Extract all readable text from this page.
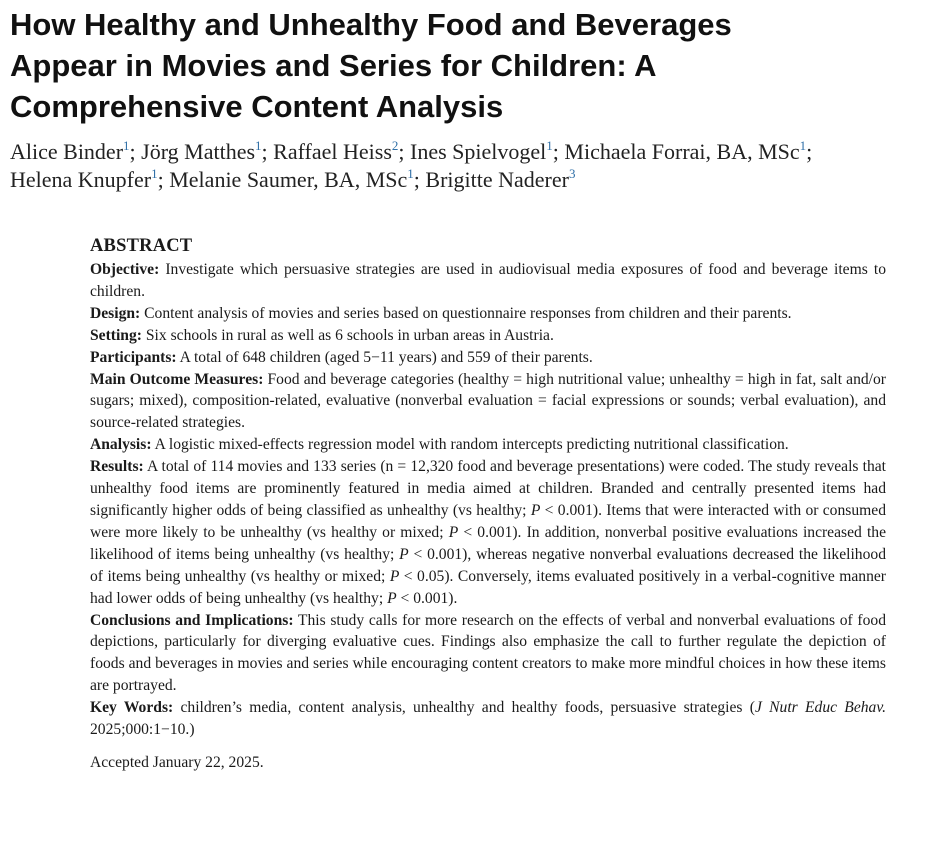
How Healthy and Unhealthy Food and Beverages
Appear in Movies and Series for Children: A
Comprehensive Content Analysis
Alice Binder$^1$; Jörg Matthes$^1$; Raffael Heiss$^2$; Ines Spielvogel$^1$; Michaela Forrai, BA, MSc$^1$;
Helena Knupfer$^1$; Melanie Saumer, BA, MSc$^1$; Brigitte Naderer$^3$
ABSTRACT

Objective: Investigate which persuasive strategies are used in audiovisual media exposures of food and beverage items to children.

Design: Content analysis of movies and series based on questionnaire responses from children and their parents.

Setting: Six schools in rural as well as 6 schools in urban areas in Austria.

Participants: A total of 648 children (aged 5−11 years) and 559 of their parents.

Main Outcome Measures: Food and beverage categories (healthy = high nutritional value; unhealthy = high in fat, salt and/or sugars; mixed), composition-related, evaluative (nonverbal evaluation = facial expressions or sounds; verbal evaluation), and source-related strategies.

Analysis: A logistic mixed-effects regression model with random intercepts predicting nutritional classification.

Results: A total of 114 movies and 133 series (n = 12,320 food and beverage presentations) were coded. The study reveals that unhealthy food items are prominently featured in media aimed at children. Branded and centrally presented items had significantly higher odds of being classified as unhealthy (vs healthy; P < 0.001). Items that were interacted with or consumed were more likely to be unhealthy (vs healthy or mixed; P < 0.001). In addition, nonverbal positive evaluations increased the likelihood of items being unhealthy (vs healthy; P < 0.001), whereas negative nonverbal evaluations decreased the likelihood of items being unhealthy (vs healthy or mixed; P < 0.05). Conversely, items evaluated positively in a verbal-cognitive manner had lower odds of being unhealthy (vs healthy; P < 0.001).

Conclusions and Implications: This study calls for more research on the effects of verbal and nonverbal evaluations of food depictions, particularly for diverging evaluative cues. Findings also emphasize the call to further regulate the depiction of foods and beverages in movies and series while encouraging content creators to make more mindful choices in how these items are portrayed.

Key Words: children’s media, content analysis, unhealthy and healthy foods, persuasive strategies (J Nutr Educ Behav. 2025;000:1−10.)

Accepted January 22, 2025.
